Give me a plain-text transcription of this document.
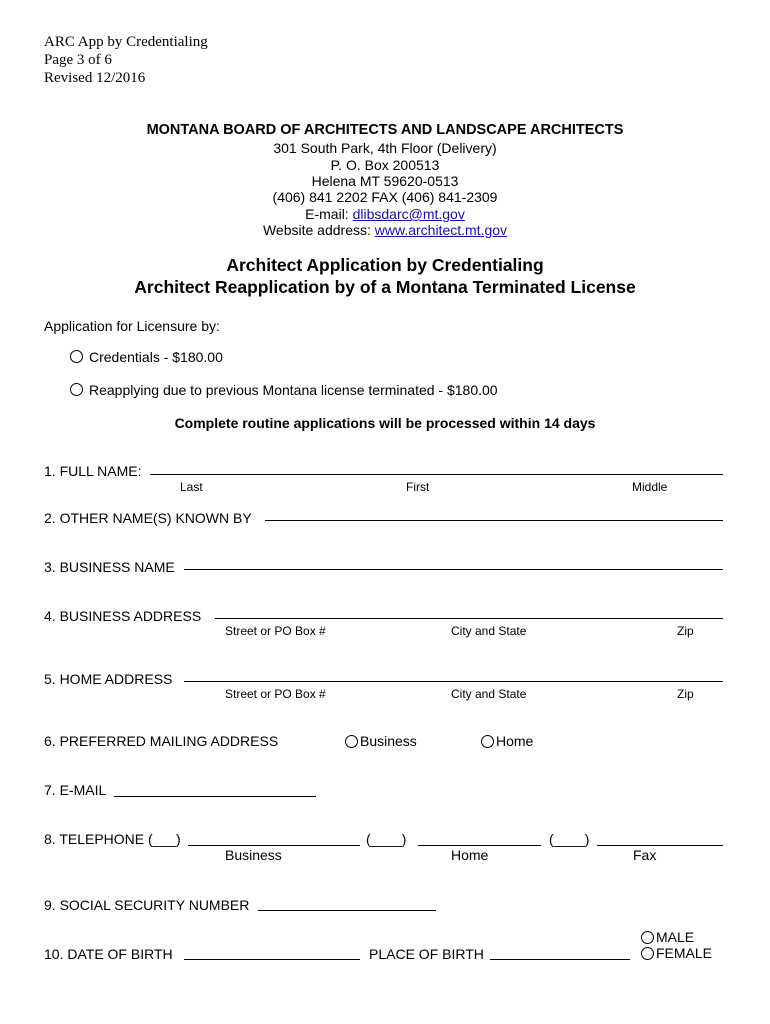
ARC App by Credentialing
Page 3 of 6
Revised 12/2016
MONTANA BOARD OF ARCHITECTS AND LANDSCAPE ARCHITECTS
301 South Park, 4th Floor (Delivery)
P. O. Box 200513
Helena MT 59620-0513
(406) 841 2202 FAX (406) 841-2309
E-mail: dlibsdarc@mt.gov
Website address: www.architect.mt.gov
Architect Application by Credentialing
Architect Reapplication by of a Montana Terminated License
Application for Licensure by:
Credentials - $180.00
Reapplying due to previous Montana license terminated - $180.00
Complete routine applications will be processed within 14 days
1. FULL NAME:
Last	First	Middle
2. OTHER NAME(S) KNOWN BY
3. BUSINESS NAME
4. BUSINESS ADDRESS
Street or PO Box #	City and State	Zip
5. HOME ADDRESS
Street or PO Box #	City and State	Zip
6. PREFERRED MAILING ADDRESS	Business	Home
7. E-MAIL
8. TELEPHONE (___)	(____)	(____)
Business	Home	Fax
9. SOCIAL SECURITY NUMBER
10. DATE OF BIRTH	PLACE OF BIRTH
MALE
FEMALE
